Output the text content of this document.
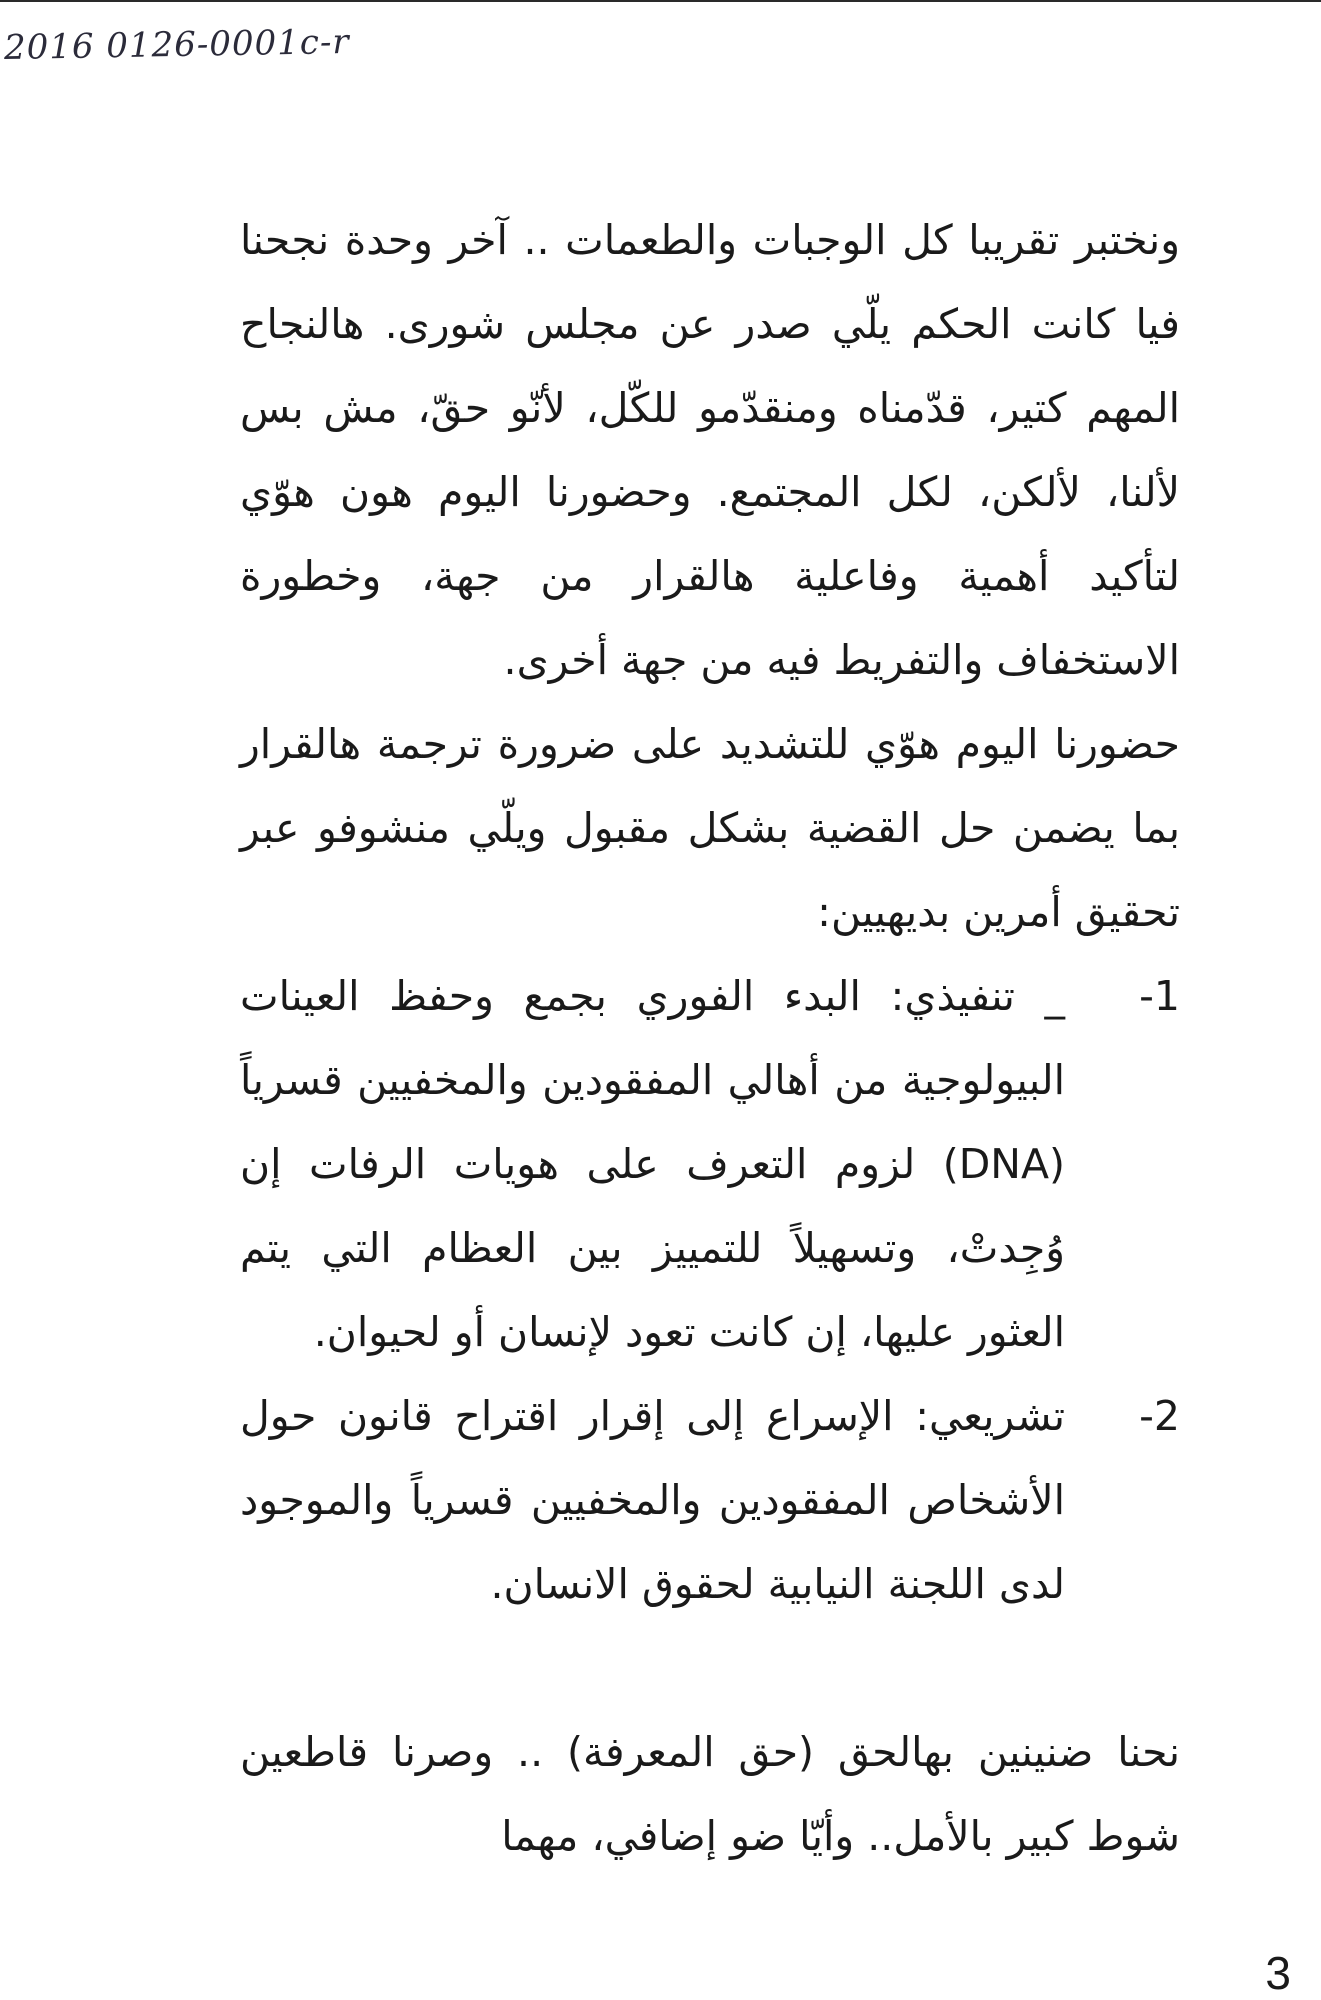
2016 0126-0001c-r

ونختبر تقريبا كل الوجبات والطعمات .. آخر وحدة نجحنا فيا كانت الحكم يلّي صدر عن مجلس شورى. هالنجاح المهم كتير، قدّمناه ومنقدّمو للكّل، لأنّو حقّ، مش بس لألنا، لألكن، لكل المجتمع. وحضورنا اليوم هون هوّي لتأكيد أهمية وفاعلية هالقرار من جهة، وخطورة الاستخفاف والتفريط فيه من جهة أخرى.

حضورنا اليوم هوّي للتشديد على ضرورة ترجمة هالقرار بما يضمن حل القضية بشكل مقبول ويلّي منشوفو عبر تحقيق أمرين بديهيين:

-1
_ تنفيذي: البدء الفوري بجمع وحفظ العينات البيولوجية من أهالي المفقودين والمخفيين قسرياً (DNA) لزوم التعرف على هويات الرفات إن وُجِدتْ، وتسهيلاً للتمييز بين العظام التي يتم العثور عليها، إن كانت تعود لإنسان أو لحيوان.
-2
تشريعي: الإسراع إلى إقرار اقتراح قانون حول الأشخاص المفقودين والمخفيين قسرياً والموجود لدى اللجنة النيابية لحقوق الانسان.

نحنا ضنينين بهالحق (حق المعرفة) .. وصرنا قاطعين شوط كبير بالأمل.. وأيّا ضو إضافي، مهما

3
